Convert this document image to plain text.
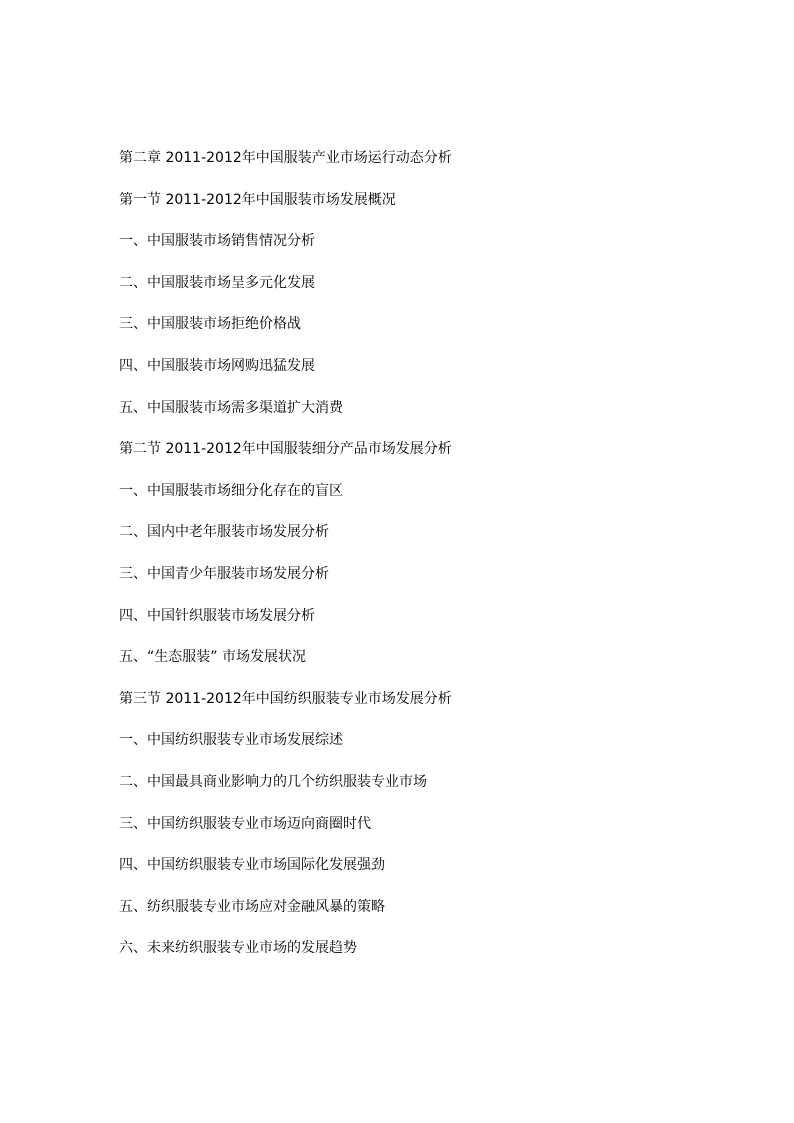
第二章 2011-2012年中国服装产业市场运行动态分析
第一节 2011-2012年中国服装市场发展概况
一、中国服装市场销售情况分析
二、中国服装市场呈多元化发展
三、中国服装市场拒绝价格战
四、中国服装市场网购迅猛发展
五、中国服装市场需多渠道扩大消费
第二节 2011-2012年中国服装细分产品市场发展分析
一、中国服装市场细分化存在的盲区
二、国内中老年服装市场发展分析
三、中国青少年服装市场发展分析
四、中国针织服装市场发展分析
五、“生态服装” 市场发展状况
第三节 2011-2012年中国纺织服装专业市场发展分析
一、中国纺织服装专业市场发展综述
二、中国最具商业影响力的几个纺织服装专业市场
三、中国纺织服装专业市场迈向商圈时代
四、中国纺织服装专业市场国际化发展强劲
五、纺织服装专业市场应对金融风暴的策略
六、未来纺织服装专业市场的发展趋势
